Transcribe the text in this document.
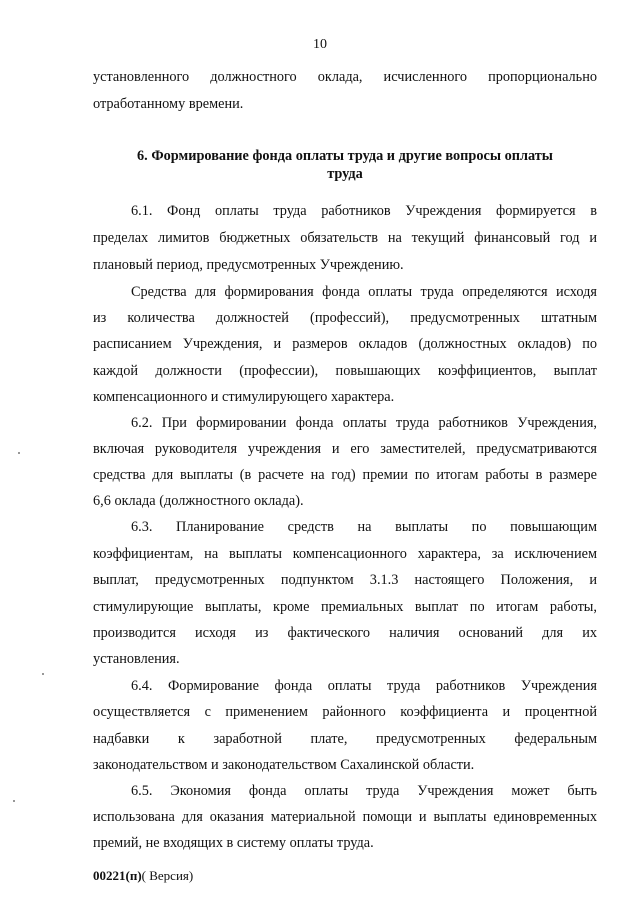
10
установленного должностного оклада, исчисленного пропорционально
отработанному времени.
6. Формирование фонда оплаты труда и другие вопросы оплаты
труда
6.1. Фонд оплаты труда работников Учреждения формируется в
пределах лимитов бюджетных обязательств на текущий финансовый год и
плановый период, предусмотренных Учреждению.
Средства для формирования фонда оплаты труда определяются исходя
из количества должностей (профессий), предусмотренных штатным
расписанием Учреждения, и размеров окладов (должностных окладов) по
каждой должности (профессии), повышающих коэффициентов, выплат
компенсационного и стимулирующего характера.
6.2. При формировании фонда оплаты труда работников Учреждения,
включая руководителя учреждения и его заместителей, предусматриваются
средства для выплаты (в расчете на год) премии по итогам работы в размере
6,6 оклада (должностного оклада).
6.3. Планирование средств на выплаты по повышающим
коэффициентам, на выплаты компенсационного характера, за исключением
выплат, предусмотренных подпунктом 3.1.3 настоящего Положения, и
стимулирующие выплаты, кроме премиальных выплат по итогам работы,
производится исходя из фактического наличия оснований для их
установления.
6.4. Формирование фонда оплаты труда работников Учреждения
осуществляется с применением районного коэффициента и процентной
надбавки к заработной плате, предусмотренных федеральным
законодательством и законодательством Сахалинской области.
6.5. Экономия фонда оплаты труда Учреждения может быть
использована для оказания материальной помощи и выплаты единовременных
премий, не входящих в систему оплаты труда.
00221(п)( Версия)
